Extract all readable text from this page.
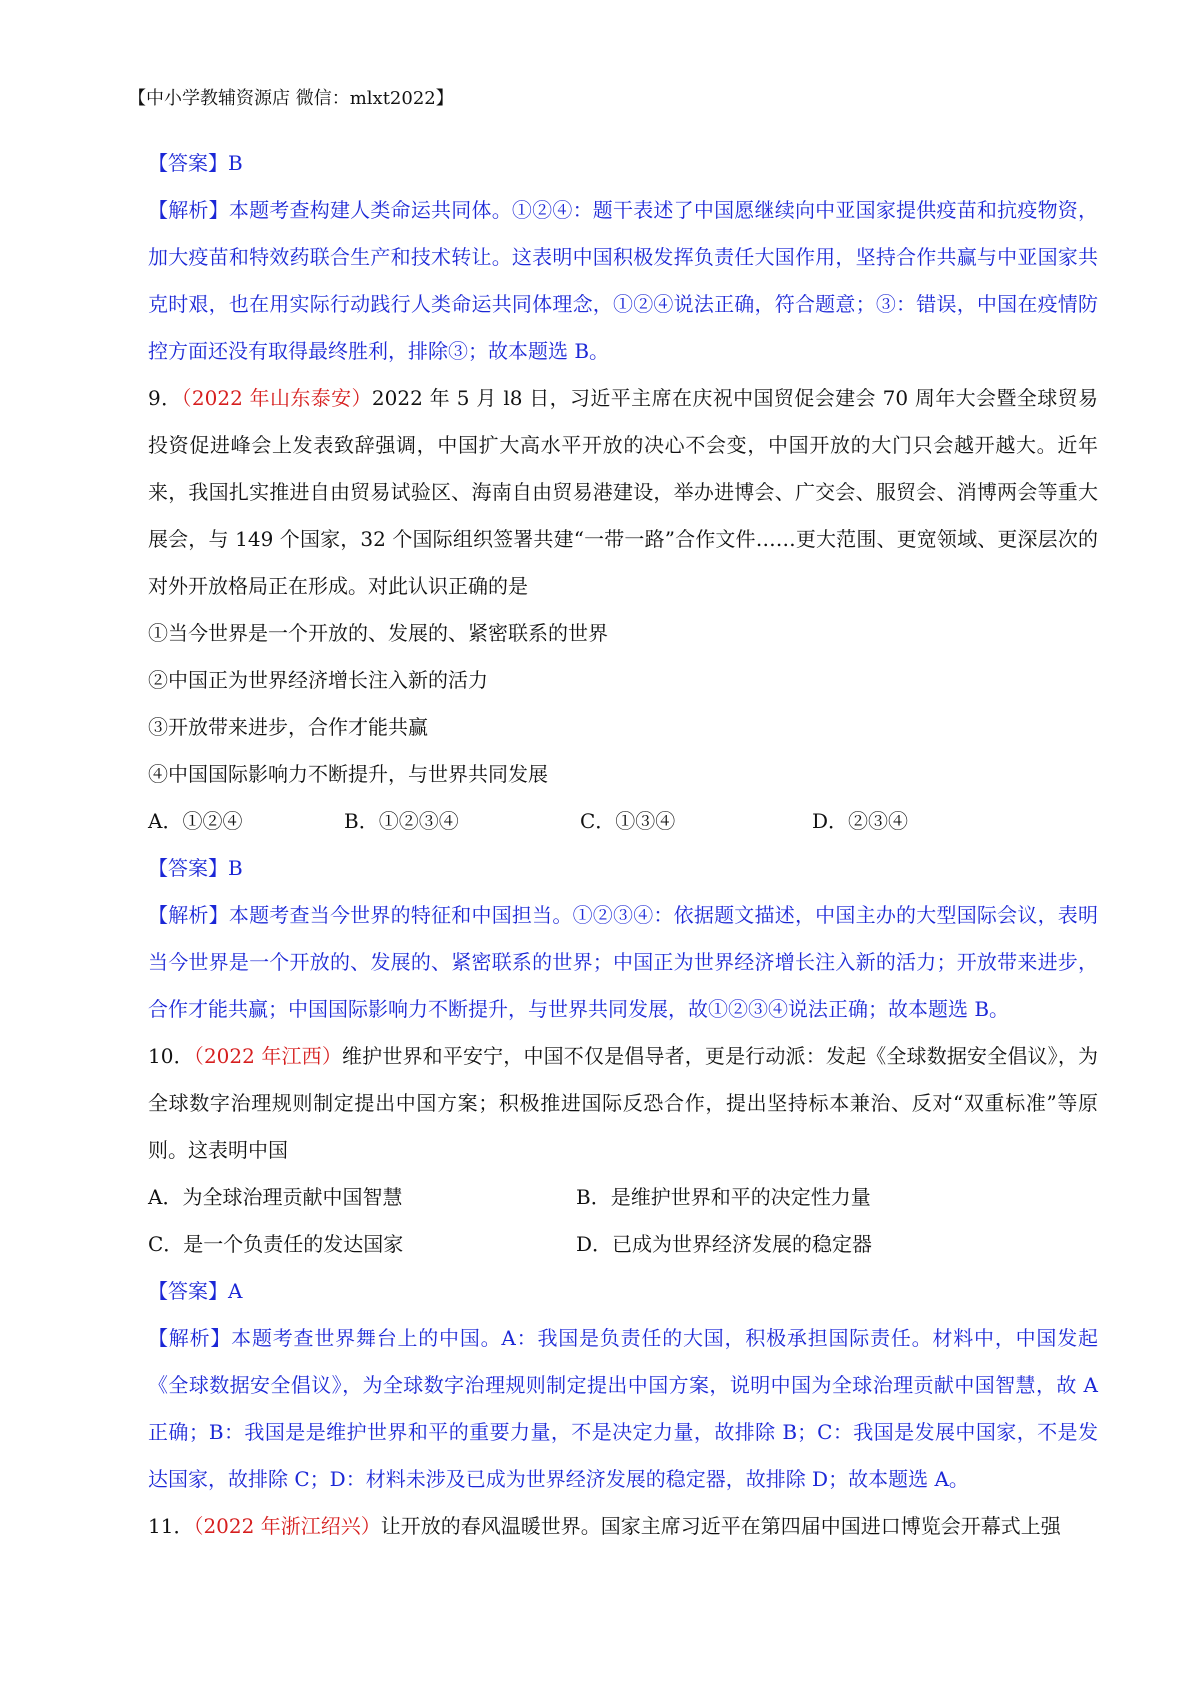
【中小学教辅资源店 微信：mlxt2022】

【答案】B

【解析】本题考查构建人类命运共同体。①②④：题干表述了中国愿继续向中亚国家提供疫苗和抗疫物资，加大疫苗和特效药联合生产和技术转让。这表明中国积极发挥负责任大国作用，坚持合作共赢与中亚国家共克时艰，也在用实际行动践行人类命运共同体理念，①②④说法正确，符合题意；③：错误，中国在疫情防控方面还没有取得最终胜利，排除③；故本题选 B。

9．（2022 年山东泰安）2022 年 5 月 l8 日，习近平主席在庆祝中国贸促会建会 70 周年大会暨全球贸易投资促进峰会上发表致辞强调，中国扩大高水平开放的决心不会变，中国开放的大门只会越开越大。近年来，我国扎实推进自由贸易试验区、海南自由贸易港建设，举办进博会、广交会、服贸会、消博两会等重大展会，与 149 个国家，32 个国际组织签署共建“一带一路”合作文件……更大范围、更宽领域、更深层次的对外开放格局正在形成。对此认识正确的是

①当今世界是一个开放的、发展的、紧密联系的世界

②中国正为世界经济增长注入新的活力

③开放带来进步，合作才能共赢

④中国国际影响力不断提升，与世界共同发展

A．①②④	B．①②③④	C．①③④	D．②③④

【答案】B

【解析】本题考查当今世界的特征和中国担当。①②③④：依据题文描述，中国主办的大型国际会议，表明当今世界是一个开放的、发展的、紧密联系的世界；中国正为世界经济增长注入新的活力；开放带来进步，合作才能共赢；中国国际影响力不断提升，与世界共同发展，故①②③④说法正确；故本题选 B。

10．（2022 年江西）维护世界和平安宁，中国不仅是倡导者，更是行动派：发起《全球数据安全倡议》，为全球数字治理规则制定提出中国方案；积极推进国际反恐合作，提出坚持标本兼治、反对“双重标准”等原则。这表明中国

A．为全球治理贡献中国智慧	B．是维护世界和平的决定性力量
C．是一个负责任的发达国家	D．已成为世界经济发展的稳定器

【答案】A

【解析】本题考查世界舞台上的中国。A：我国是负责任的大国，积极承担国际责任。材料中，中国发起《全球数据安全倡议》，为全球数字治理规则制定提出中国方案，说明中国为全球治理贡献中国智慧，故 A 正确；B：我国是是维护世界和平的重要力量，不是决定力量，故排除 B；C：我国是发展中国家，不是发达国家，故排除 C；D：材料未涉及已成为世界经济发展的稳定器，故排除 D；故本题选 A。

11．（2022 年浙江绍兴）让开放的春风温暖世界。国家主席习近平在第四届中国进口博览会开幕式上强
